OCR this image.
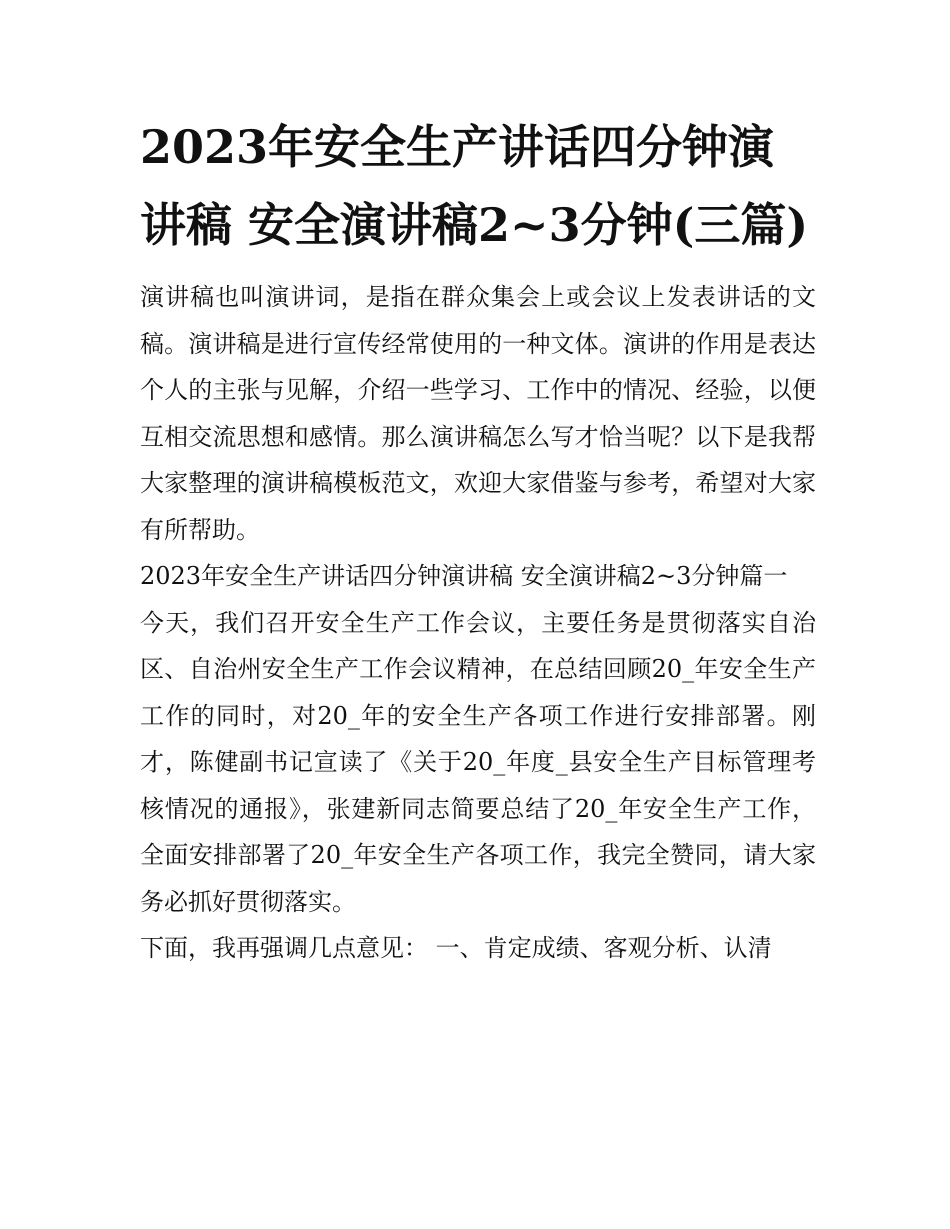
2023年安全生产讲话四分钟演讲稿 安全演讲稿2~3分钟(三篇)

演讲稿也叫演讲词，是指在群众集会上或会议上发表讲话的文稿。演讲稿是进行宣传经常使用的一种文体。演讲的作用是表达个人的主张与见解，介绍一些学习、工作中的情况、经验，以便互相交流思想和感情。那么演讲稿怎么写才恰当呢？以下是我帮大家整理的演讲稿模板范文，欢迎大家借鉴与参考，希望对大家有所帮助。

2023年安全生产讲话四分钟演讲稿 安全演讲稿2~3分钟篇一

今天，我们召开安全生产工作会议，主要任务是贯彻落实自治区、自治州安全生产工作会议精神，在总结回顾20_年安全生产工作的同时，对20_年的安全生产各项工作进行安排部署。刚才，陈健副书记宣读了《关于20_年度_县安全生产目标管理考核情况的通报》，张建新同志简要总结了20_年安全生产工作，全面安排部署了20_年安全生产各项工作，我完全赞同，请大家务必抓好贯彻落实。

下面，我再强调几点意见： 一、肯定成绩、客观分析、认清
